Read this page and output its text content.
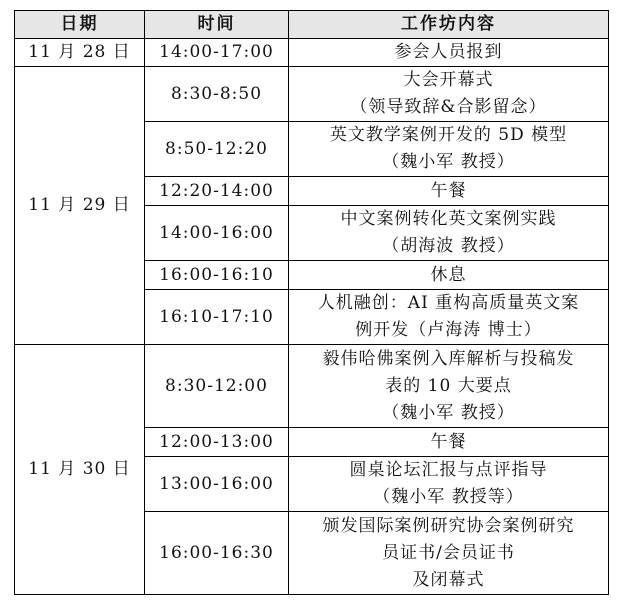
日期	时间	工作坊内容
11 月 28 日	14:00-17:00	参会人员报到

11 月 29 日	8:30-8:50	大会开幕式
（领导致辞&合影留念）

	8:50-12:20	英文教学案例开发的 5D 模型
（魏小军 教授）

	12:20-14:00	午餐

	14:00-16:00	中文案例转化英文案例实践
（胡海波 教授）

	16:00-16:10	休息

	16:10-17:10	人机融创：AI 重构高质量英文案
例开发（卢海涛 博士）

11 月 30 日	8:30-12:00	毅伟哈佛案例入库解析与投稿发
表的 10 大要点
（魏小军 教授）

	12:00-13:00	午餐

	13:00-16:00	圆桌论坛汇报与点评指导
（魏小军 教授等）

	16:00-16:30	颁发国际案例研究协会案例研究
员证书/会员证书
及闭幕式
